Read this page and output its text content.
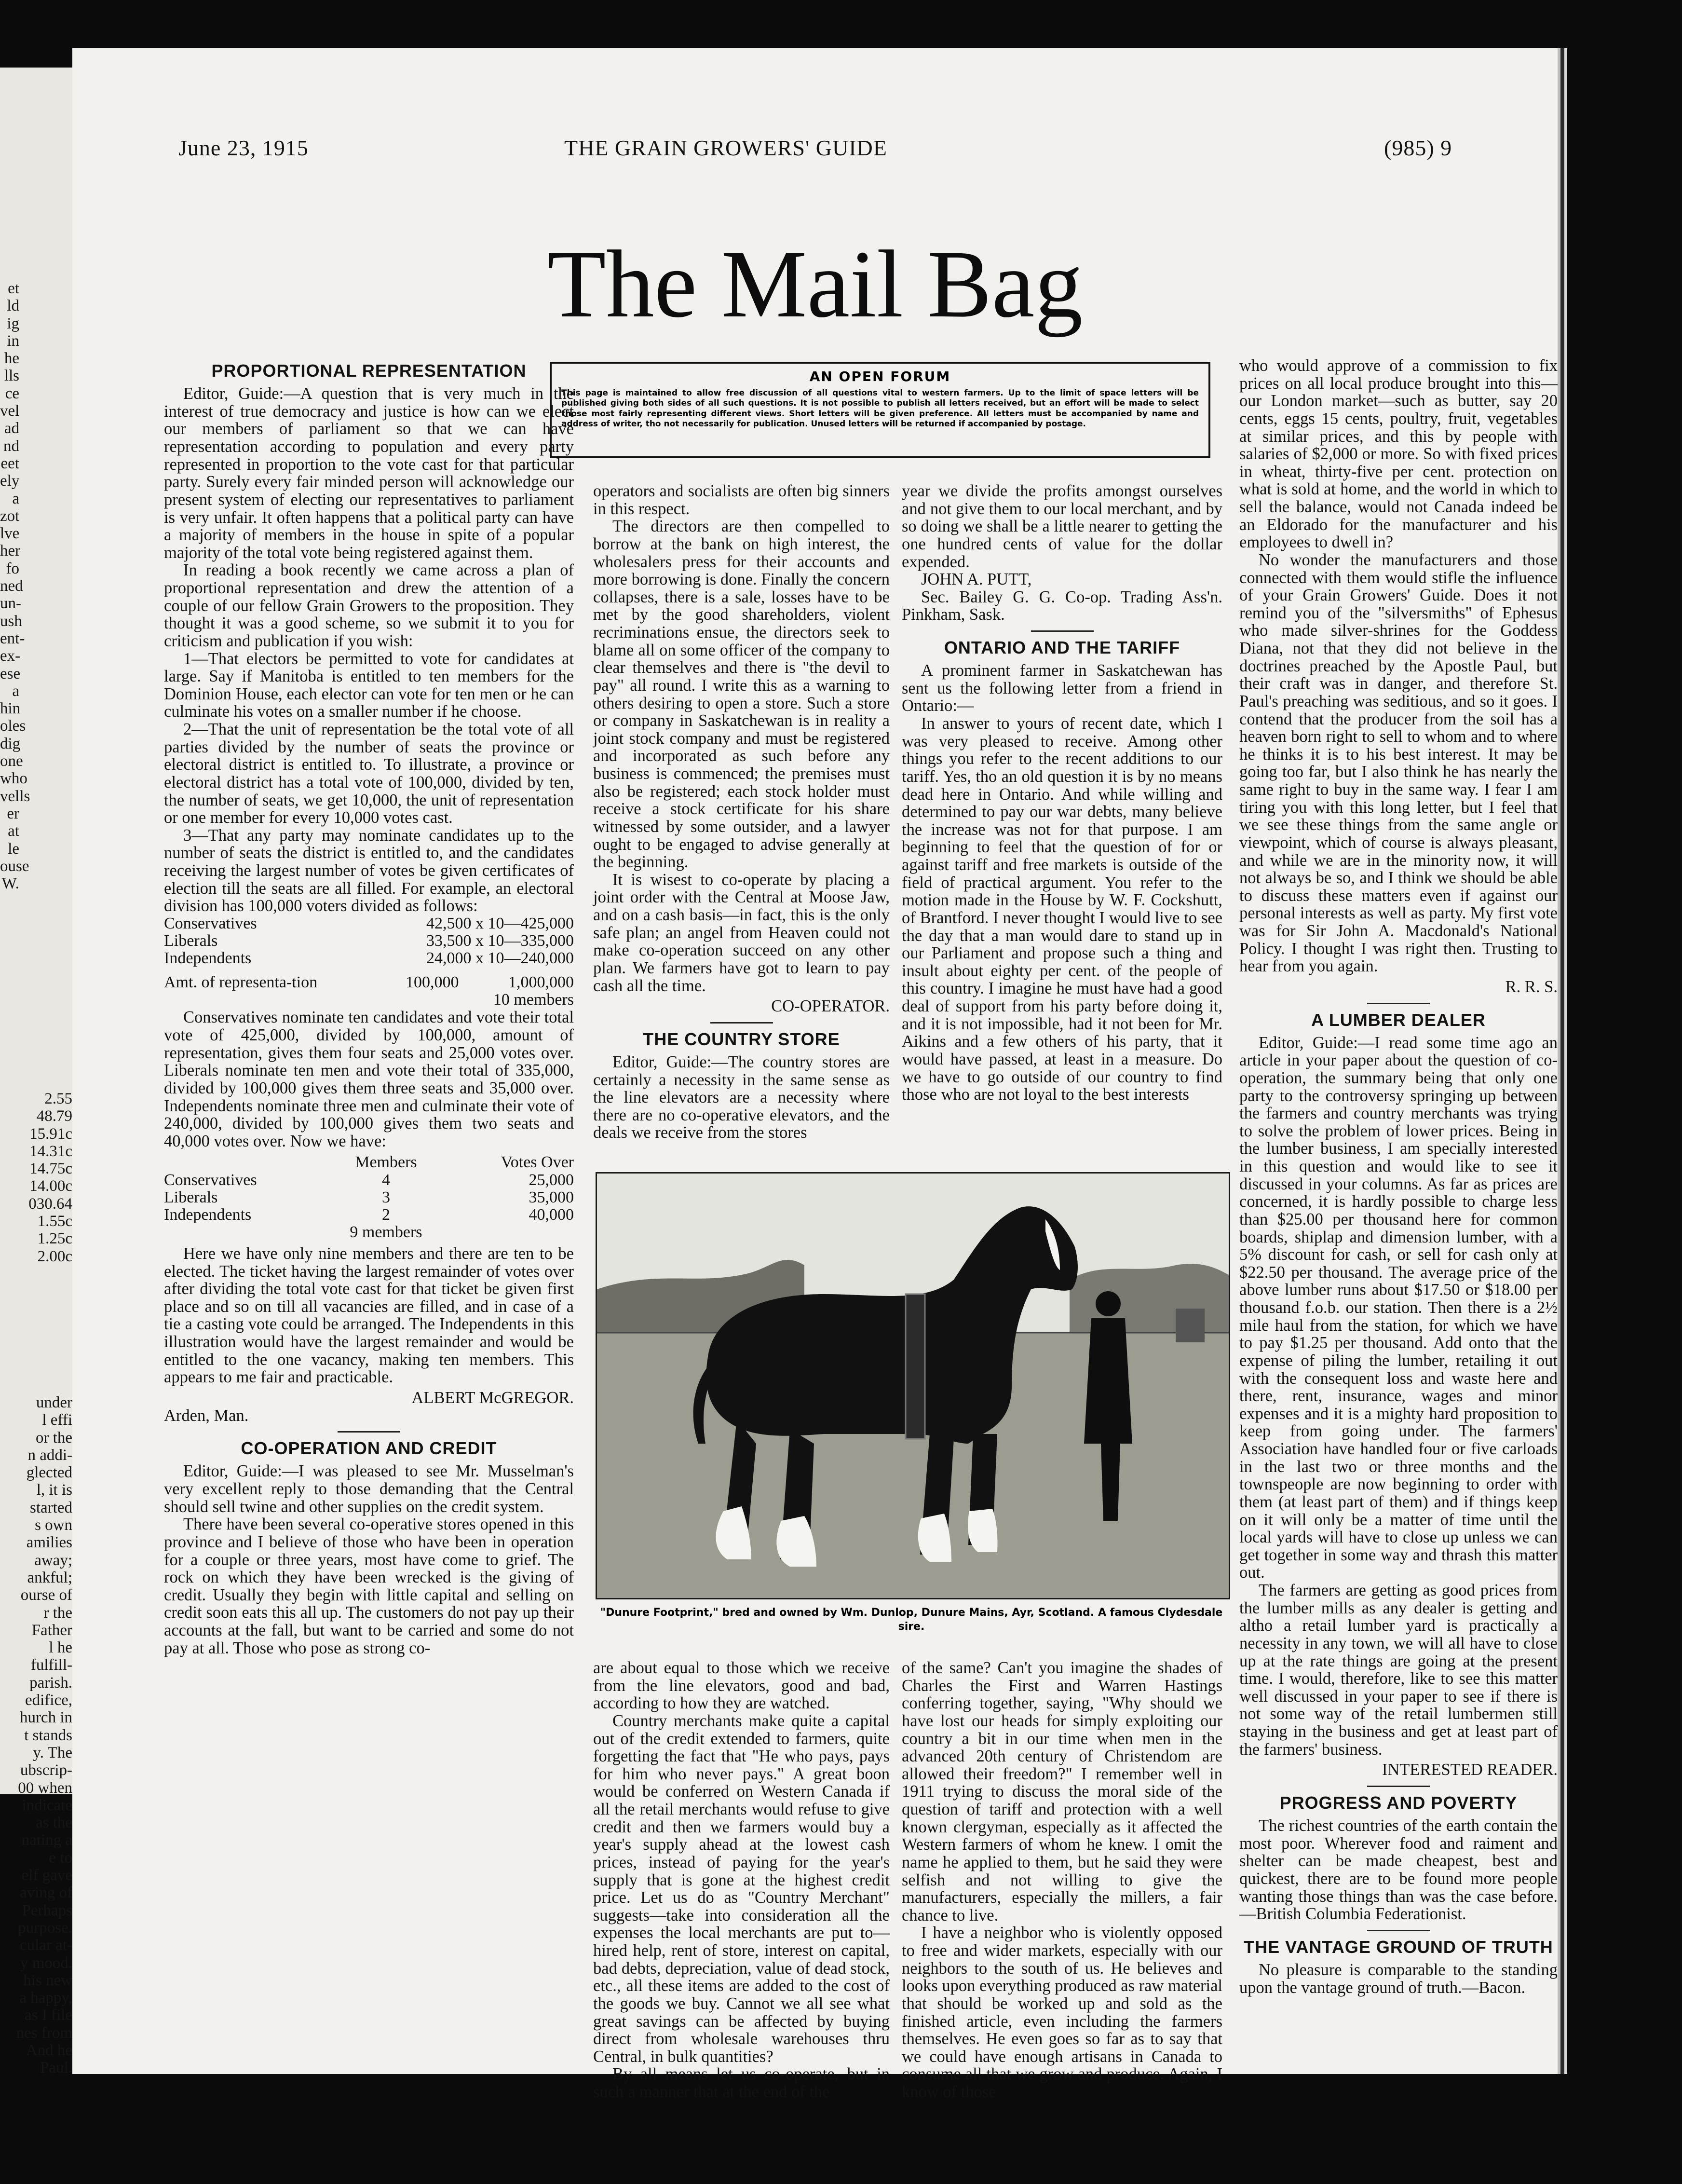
et
ld
ig
in
he
lls
ce
vel
ad
nd
eet
ely
a
zot
lve
her
fo
ned
un-
ush
ent-
ex-
ese
a
hin
oles
dig
one
who
vells
er at
le
ouse
W.
2.55
48.79
15.91c
14.31c
14.75c
14.00c
030.64
1.55c
1.25c
2.00c
under
l effi
or the
n addi-
glected
l, it is
started
s own
amilies
away;
ankful;
ourse of
r the
Father
l he
fulfill-
parish.
edifice,
hurch in
t stands
y. The
ubscrip-
00 when
indicate
as the
nating a
e to
elf gave
aving of
Perhaps
purpose.
cular at-
y mood.
his new
a happy,
as I file
nes from
And he
Paul.
June 23, 1915	THE GRAIN GROWERS' GUIDE	(985) 9
The Mail Bag
AN OPEN FORUM
This page is maintained to allow free discussion of all questions vital to western farmers. Up to the limit of space letters will be published giving both sides of all such questions. It is not possible to publish all letters received, but an effort will be made to select those most fairly representing different views. Short letters will be given preference. All letters must be accompanied by name and address of writer, tho not necessarily for publication. Unused letters will be returned if accompanied by postage.
PROPORTIONAL REPRESENTATION

Editor, Guide:—A question that is very much in the interest of true democracy and justice is how can we elect our members of parliament so that we can have representation according to population and every party represented in proportion to the vote cast for that particular party. Surely every fair minded person will acknowledge our present system of electing our representatives to parliament is very unfair. It often happens that a political party can have a majority of members in the house in spite of a popular majority of the total vote being registered against them.

In reading a book recently we came across a plan of proportional representation and drew the attention of a couple of our fellow Grain Growers to the proposition. They thought it was a good scheme, so we submit it to you for criticism and publication if you wish:

1—That electors be permitted to vote for candidates at large. Say if Manitoba is entitled to ten members for the Dominion House, each elector can vote for ten men or he can culminate his votes on a smaller number if he choose.

2—That the unit of representation be the total vote of all parties divided by the number of seats the province or electoral district is entitled to. To illustrate, a province or electoral district has a total vote of 100,000, divided by ten, the number of seats, we get 10,000, the unit of representation or one member for every 10,000 votes cast.

3—That any party may nominate candidates up to the number of seats the district is entitled to, and the candidates receiving the largest number of votes be given certificates of election till the seats are all filled. For example, an electoral division has 100,000 voters divided as follows:

Conservatives	42,500 x 10—425,000
Liberals	33,500 x 10—335,000
Independents	24,000 x 10—240,000
Amt. of representa-tion	100,000	1,000,000
		10 members

Conservatives nominate ten candidates and vote their total vote of 425,000, divided by 100,000, amount of representation, gives them four seats and 25,000 votes over. Liberals nominate ten men and vote their total of 335,000, divided by 100,000 gives them three seats and 35,000 over. Independents nominate three men and culminate their vote of 240,000, divided by 100,000 gives them two seats and 40,000 votes over. Now we have:

	Members	Votes Over
Conservatives	4	25,000
Liberals	3	35,000
Independents	2	40,000
	9 members	

Here we have only nine members and there are ten to be elected. The ticket having the largest remainder of votes over after dividing the total vote cast for that ticket be given first place and so on till all vacancies are filled, and in case of a tie a casting vote could be arranged. The Independents in this illustration would have the largest remainder and would be entitled to the one vacancy, making ten members. This appears to me fair and practicable.

ALBERT McGREGOR.

Arden, Man.

CO-OPERATION AND CREDIT

Editor, Guide:—I was pleased to see Mr. Musselman's very excellent reply to those demanding that the Central should sell twine and other supplies on the credit system.

There have been several co-operative stores opened in this province and I believe of those who have been in operation for a couple or three years, most have come to grief. The rock on which they have been wrecked is the giving of credit. Usually they begin with little capital and selling on credit soon eats this all up. The customers do not pay up their accounts at the fall, but want to be carried and some do not pay at all. Those who pose as strong co-

operators and socialists are often big sinners in this respect.

The directors are then compelled to borrow at the bank on high interest, the wholesalers press for their accounts and more borrowing is done. Finally the concern collapses, there is a sale, losses have to be met by the good shareholders, violent recriminations ensue, the directors seek to blame all on some officer of the company to clear themselves and there is "the devil to pay" all round. I write this as a warning to others desiring to open a store. Such a store or company in Saskatchewan is in reality a joint stock company and must be registered and incorporated as such before any business is commenced; the premises must also be registered; each stock holder must receive a stock certificate for his share witnessed by some outsider, and a lawyer ought to be engaged to advise generally at the beginning.

It is wisest to co-operate by placing a joint order with the Central at Moose Jaw, and on a cash basis—in fact, this is the only safe plan; an angel from Heaven could not make co-operation succeed on any other plan. We farmers have got to learn to pay cash all the time.

CO-OPERATOR.

THE COUNTRY STORE

Editor, Guide:—The country stores are certainly a necessity in the same sense as the line elevators are a necessity where there are no co-operative elevators, and the deals we receive from the stores

year we divide the profits amongst ourselves and not give them to our local merchant, and by so doing we shall be a little nearer to getting the one hundred cents of value for the dollar expended.

JOHN A. PUTT,

Sec. Bailey G. G. Co-op. Trading Ass'n. Pinkham, Sask.

ONTARIO AND THE TARIFF

A prominent farmer in Saskatchewan has sent us the following letter from a friend in Ontario:—

In answer to yours of recent date, which I was very pleased to receive. Among other things you refer to the recent additions to our tariff. Yes, tho an old question it is by no means dead here in Ontario. And while willing and determined to pay our war debts, many believe the increase was not for that purpose. I am beginning to feel that the question of for or against tariff and free markets is outside of the field of practical argument. You refer to the motion made in the House by W. F. Cockshutt, of Brantford. I never thought I would live to see the day that a man would dare to stand up in our Parliament and propose such a thing and insult about eighty per cent. of the people of this country. I imagine he must have had a good deal of support from his party before doing it, and it is not impossible, had it not been for Mr. Aikins and a few others of his party, that it would have passed, at least in a measure. Do we have to go outside of our country to find those who are not loyal to the best interests

who would approve of a commission to fix prices on all local produce brought into this—our London market—such as butter, say 20 cents, eggs 15 cents, poultry, fruit, vegetables at similar prices, and this by people with salaries of $2,000 or more. So with fixed prices in wheat, thirty-five per cent. protection on what is sold at home, and the world in which to sell the balance, would not Canada indeed be an Eldorado for the manufacturer and his employees to dwell in?

No wonder the manufacturers and those connected with them would stifle the influence of your Grain Growers' Guide. Does it not remind you of the "silversmiths" of Ephesus who made silver-shrines for the Goddess Diana, not that they did not believe in the doctrines preached by the Apostle Paul, but their craft was in danger, and therefore St. Paul's preaching was seditious, and so it goes. I contend that the producer from the soil has a heaven born right to sell to whom and to where he thinks it is to his best interest. It may be going too far, but I also think he has nearly the same right to buy in the same way. I fear I am tiring you with this long letter, but I feel that we see these things from the same angle or viewpoint, which of course is always pleasant, and while we are in the minority now, it will not always be so, and I think we should be able to discuss these matters even if against our personal interests as well as party. My first vote was for Sir John A. Macdonald's National Policy. I thought I was right then. Trusting to hear from you again.

R. R. S.

A LUMBER DEALER

Editor, Guide:—I read some time ago an article in your paper about the question of co-operation, the summary being that only one party to the controversy springing up between the farmers and country merchants was trying to solve the problem of lower prices. Being in the lumber business, I am specially interested in this question and would like to see it discussed in your columns. As far as prices are concerned, it is hardly possible to charge less than $25.00 per thousand here for common boards, shiplap and dimension lumber, with a 5% discount for cash, or sell for cash only at $22.50 per thousand. The average price of the above lumber runs about $17.50 or $18.00 per thousand f.o.b. our station. Then there is a 2½ mile haul from the station, for which we have to pay $1.25 per thousand. Add onto that the expense of piling the lumber, retailing it out with the consequent loss and waste here and there, rent, insurance, wages and minor expenses and it is a mighty hard proposition to keep from going under. The farmers' Association have handled four or five carloads in the last two or three months and the townspeople are now beginning to order with them (at least part of them) and if things keep on it will only be a matter of time until the local yards will have to close up unless we can get together in some way and thrash this matter out.

The farmers are getting as good prices from the lumber mills as any dealer is getting and altho a retail lumber yard is practically a necessity in any town, we will all have to close up at the rate things are going at the present time. I would, therefore, like to see this matter well discussed in your paper to see if there is not some way of the retail lumbermen still staying in the business and get at least part of the farmers' business.

INTERESTED READER.

PROGRESS AND POVERTY

The richest countries of the earth contain the most poor. Wherever food and raiment and shelter can be made cheapest, best and quickest, there are to be found more people wanting those things than was the case before.—British Columbia Federationist.

THE VANTAGE GROUND OF TRUTH

No pleasure is comparable to the standing upon the vantage ground of truth.—Bacon.

"Dunure Footprint," bred and owned by Wm. Dunlop, Dunure Mains, Ayr, Scotland. A famous Clydesdale sire.

are about equal to those which we receive from the line elevators, good and bad, according to how they are watched.

Country merchants make quite a capital out of the credit extended to farmers, quite forgetting the fact that "He who pays, pays for him who never pays." A great boon would be conferred on Western Canada if all the retail merchants would refuse to give credit and then we farmers would buy a year's supply ahead at the lowest cash prices, instead of paying for the year's supply that is gone at the highest credit price. Let us do as "Country Merchant" suggests—take into consideration all the expenses the local merchants are put to—hired help, rent of store, interest on capital, bad debts, depreciation, value of dead stock, etc., all these items are added to the cost of the goods we buy. Cannot we all see what great savings can be affected by buying direct from wholesale warehouses thru Central, in bulk quantities?

By all means let us co-operate, but in such a manner that at the end of the

of the same? Can't you imagine the shades of Charles the First and Warren Hastings conferring together, saying, "Why should we have lost our heads for simply exploiting our country a bit in our time when men in the advanced 20th century of Christendom are allowed their freedom?" I remember well in 1911 trying to discuss the moral side of the question of tariff and protection with a well known clergyman, especially as it affected the Western farmers of whom he knew. I omit the name he applied to them, but he said they were selfish and not willing to give the manufacturers, especially the millers, a fair chance to live.

I have a neighbor who is violently opposed to free and wider markets, especially with our neighbors to the south of us. He believes and looks upon everything produced as raw material that should be worked up and sold as the finished article, even including the farmers themselves. He even goes so far as to say that we could have enough artisans in Canada to consume all that we grow and produce. Again, I know of those
